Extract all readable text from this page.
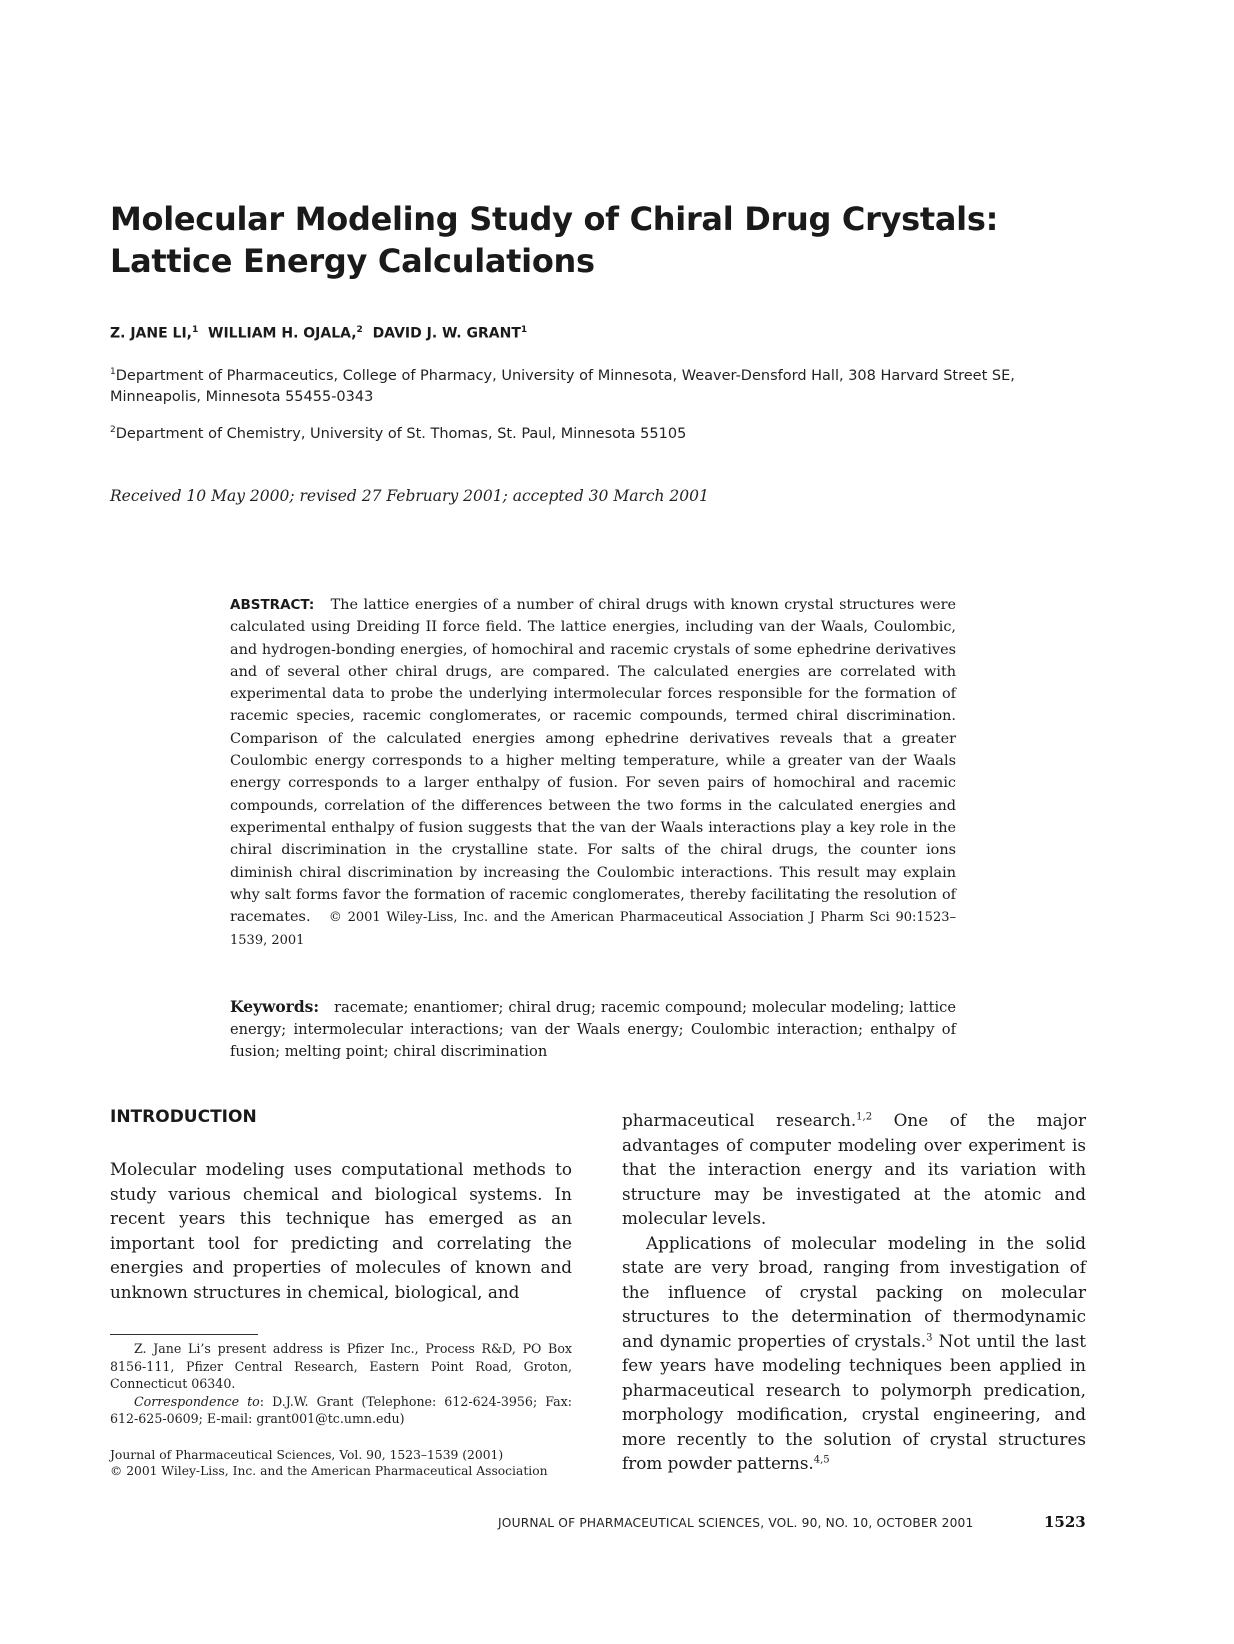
Molecular Modeling Study of Chiral Drug Crystals:
Lattice Energy Calculations
Z. JANE LI,$^1$ WILLIAM H. OJALA,$^2$ DAVID J. W. GRANT$^1$
$^1$Department of Pharmaceutics, College of Pharmacy, University of Minnesota, Weaver-Densford Hall, 308 Harvard Street SE, Minneapolis, Minnesota 55455-0343
$^2$Department of Chemistry, University of St. Thomas, St. Paul, Minnesota 55105
Received 10 May 2000; revised 27 February 2001; accepted 30 March 2001
ABSTRACT: The lattice energies of a number of chiral drugs with known crystal structures were calculated using Dreiding II force field. The lattice energies, including van der Waals, Coulombic, and hydrogen-bonding energies, of homochiral and racemic crystals of some ephedrine derivatives and of several other chiral drugs, are compared. The calculated energies are correlated with experimental data to probe the underlying intermolecular forces responsible for the formation of racemic species, racemic conglomerates, or racemic compounds, termed chiral discrimination. Comparison of the calculated energies among ephedrine derivatives reveals that a greater Coulombic energy corresponds to a higher melting temperature, while a greater van der Waals energy corresponds to a larger enthalpy of fusion. For seven pairs of homochiral and racemic compounds, correlation of the differences between the two forms in the calculated energies and experimental enthalpy of fusion suggests that the van der Waals interactions play a key role in the chiral discrimination in the crystalline state. For salts of the chiral drugs, the counter ions diminish chiral discrimination by increasing the Coulombic interactions. This result may explain why salt forms favor the formation of racemic conglomerates, thereby facilitating the resolution of racemates. © 2001 Wiley-Liss, Inc. and the American Pharmaceutical Association J Pharm Sci 90:1523–1539, 2001
Keywords: racemate; enantiomer; chiral drug; racemic compound; molecular modeling; lattice energy; intermolecular interactions; van der Waals energy; Coulombic interaction; enthalpy of fusion; melting point; chiral discrimination
INTRODUCTION

Molecular modeling uses computational methods to study various chemical and biological systems. In recent years this technique has emerged as an important tool for predicting and correlating the energies and properties of molecules of known and unknown structures in chemical, biological, and

Z. Jane Li’s present address is Pfizer Inc., Process R&D, PO Box 8156-111, Pfizer Central Research, Eastern Point Road, Groton, Connecticut 06340.

Correspondence to: D.J.W. Grant (Telephone: 612-624-3956; Fax: 612-625-0609; E-mail: grant001@tc.umn.edu)

Journal of Pharmaceutical Sciences, Vol. 90, 1523–1539 (2001)
© 2001 Wiley-Liss, Inc. and the American Pharmaceutical Association

pharmaceutical research.$^{1,2}$ One of the major advantages of computer modeling over experiment is that the interaction energy and its variation with structure may be investigated at the atomic and molecular levels.

Applications of molecular modeling in the solid state are very broad, ranging from investigation of the influence of crystal packing on molecular structures to the determination of thermodynamic and dynamic properties of crystals.$^3$ Not until the last few years have modeling techniques been applied in pharmaceutical research to polymorph predication, morphology modification, crystal engineering, and more recently to the solution of crystal structures from powder patterns.$^{4,5}$

JOURNAL OF PHARMACEUTICAL SCIENCES, VOL. 90, NO. 10, OCTOBER 2001	1523
